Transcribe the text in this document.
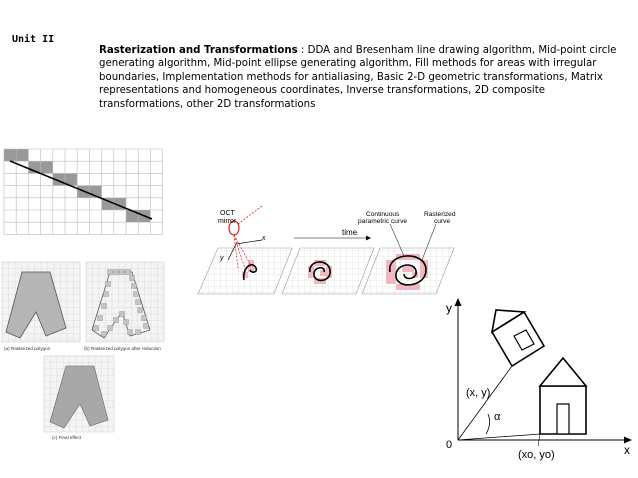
Unit II
Rasterization and Transformations : DDA and Bresenham line drawing algorithm, Mid-point circle generating algorithm, Mid-point ellipse generating algorithm, Fill methods for areas with irregular boundaries, Implementation methods for antialiasing, Basic 2-D geometric transformations, Matrix representations and homogeneous coordinates, Inverse transformations, 2D composite transformations, other 2D transformations
(a) Rasterized polygon	(b) Rasterized polygon after reduction
(c) Final effect
OCT
mirror
x
y
time
Continuous
parametric curve
Rasterized
curve
y
x
0
(x, y)
α
(xo, yo)
